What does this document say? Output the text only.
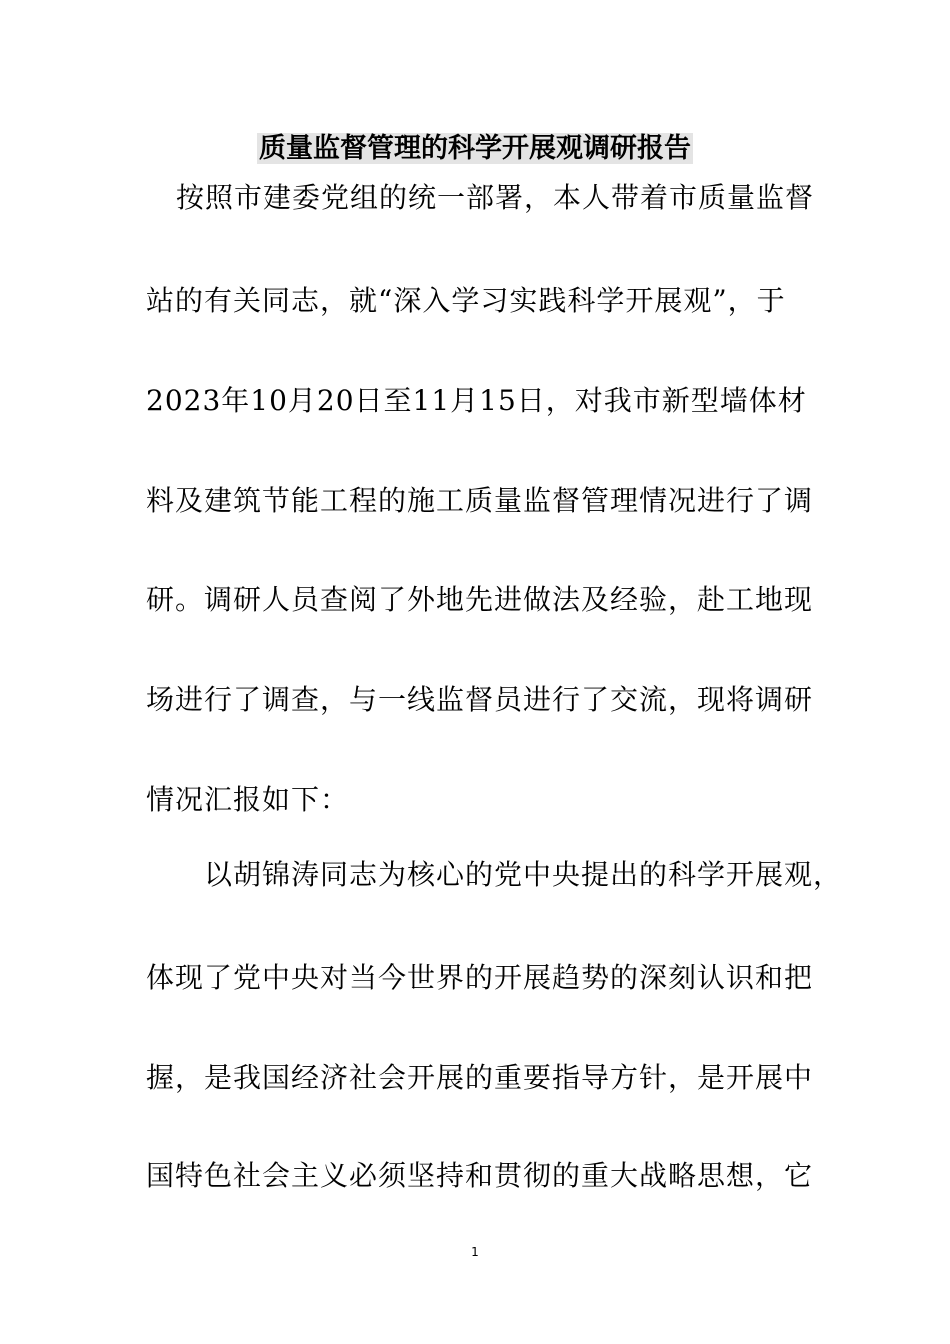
质量监督管理的科学开展观调研报告
按照市建委党组的统一部署，本人带着市质量监督
站的有关同志，就“深入学习实践科学开展观”，于
2023年10月20日至11月15日，对我市新型墙体材
料及建筑节能工程的施工质量监督管理情况进行了调
研。调研人员查阅了外地先进做法及经验，赴工地现
场进行了调查，与一线监督员进行了交流，现将调研
情况汇报如下：
以胡锦涛同志为核心的党中央提出的科学开展观，
体现了党中央对当今世界的开展趋势的深刻认识和把
握，是我国经济社会开展的重要指导方针，是开展中
国特色社会主义必须坚持和贯彻的重大战略思想，它
1
